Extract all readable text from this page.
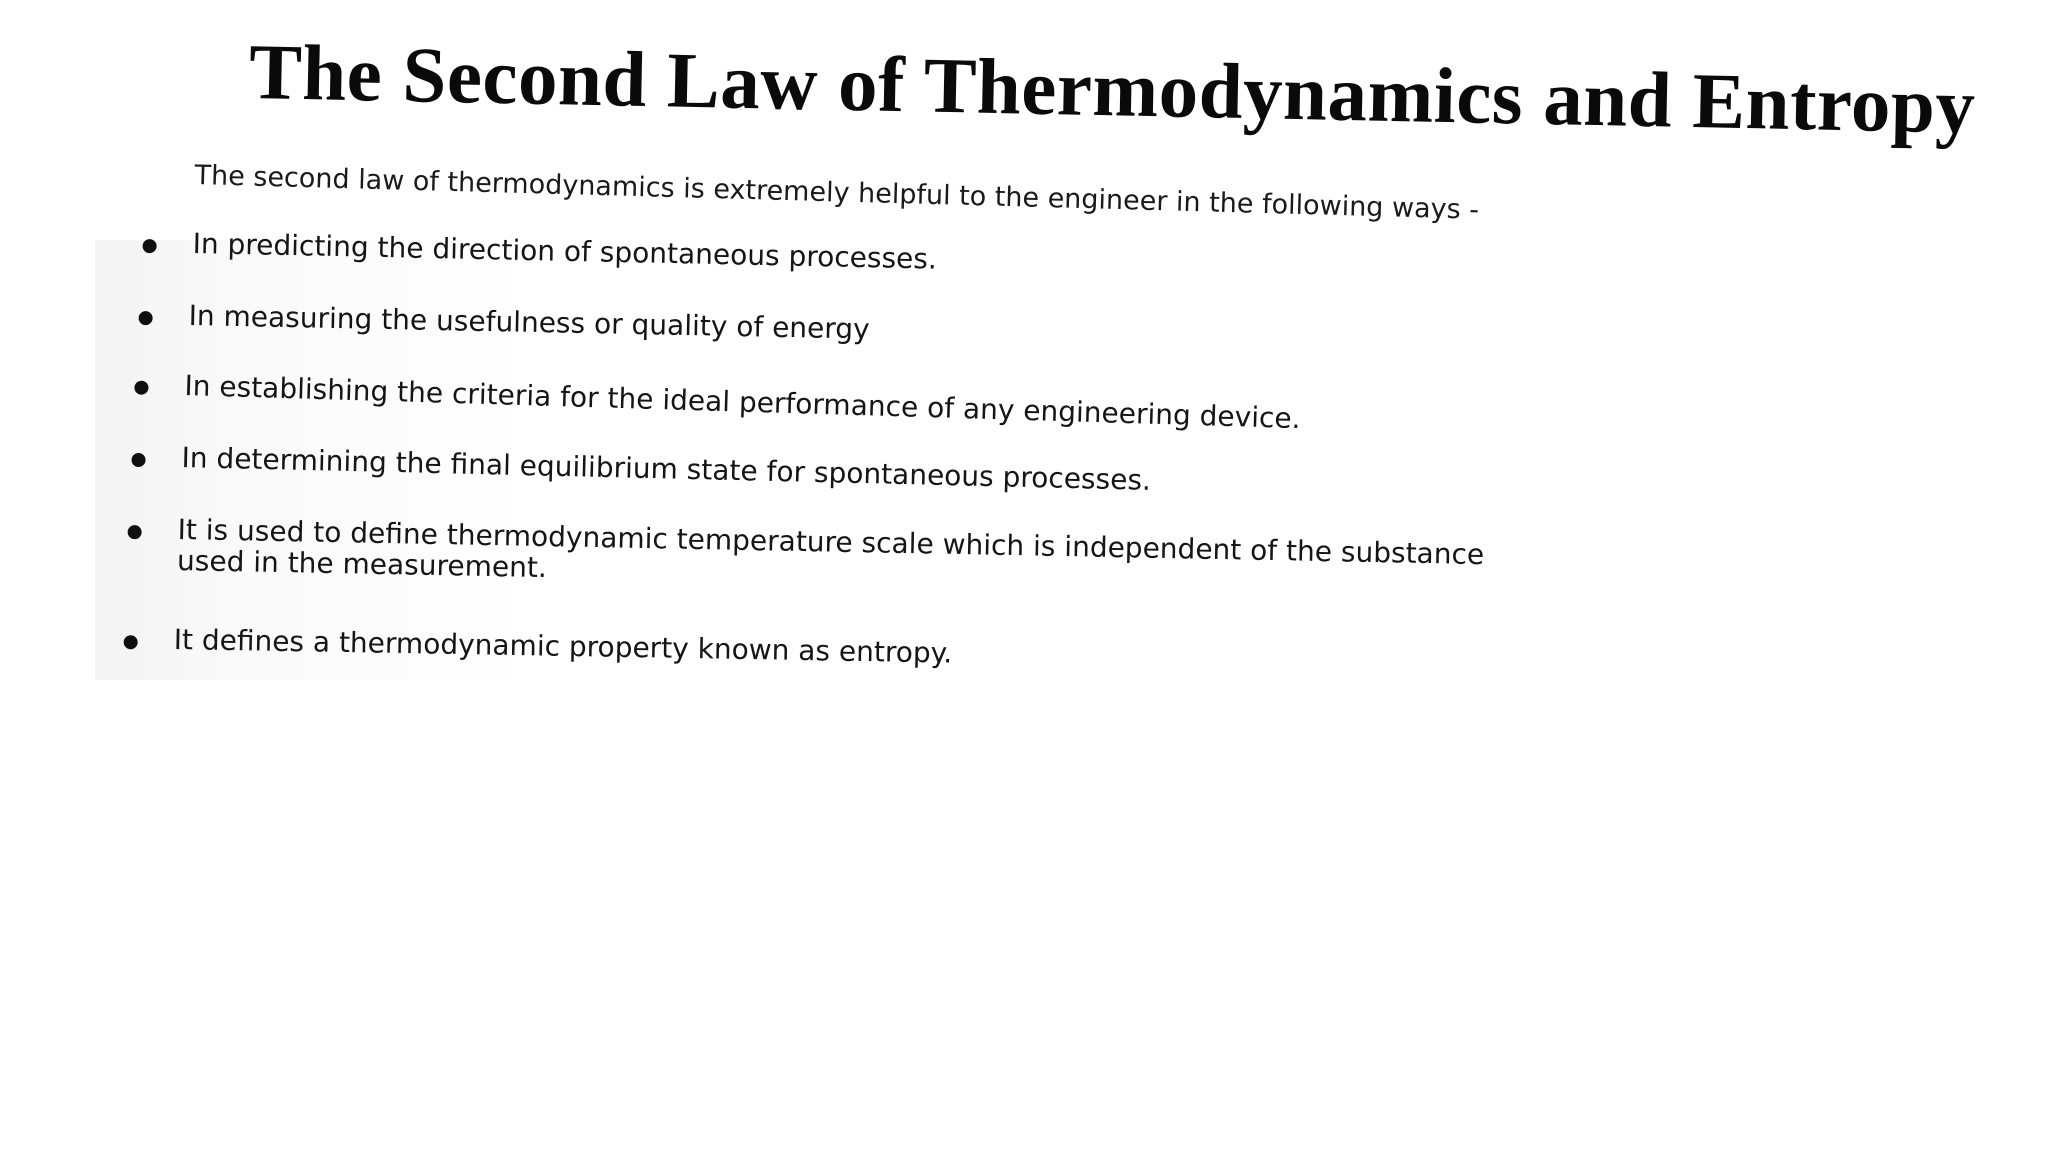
The Second Law of Thermodynamics and Entropy

The second law of thermodynamics is extremely helpful to the engineer in the following ways -

In predicting the direction of spontaneous processes.
In measuring the usefulness or quality of energy
In establishing the criteria for the ideal performance of any engineering device.
In determining the final equilibrium state for spontaneous processes.
It is used to define thermodynamic temperature scale which is independent of the substance used in the measurement.
It defines a thermodynamic property known as entropy.
